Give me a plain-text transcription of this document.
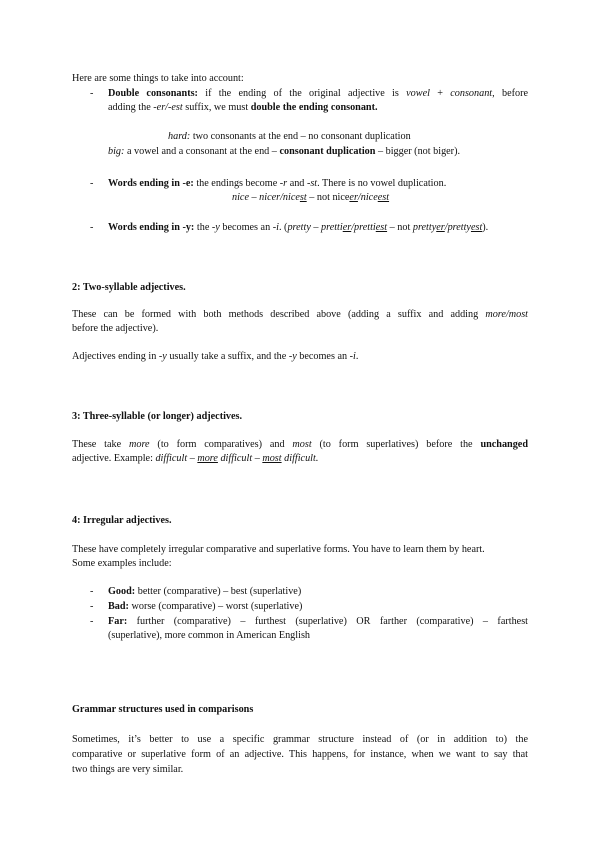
Here are some things to take into account:
- Double consonants: if the ending of the original adjective is vowel + consonant, before
adding the -er/-est suffix, we must double the ending consonant.
hard: two consonants at the end – no consonant duplication
big: a vowel and a consonant at the end – consonant duplication – bigger (not biger).
- Words ending in -e: the endings become -r and -st. There is no vowel duplication.
nice – nicer/nicest – not niceer/niceest
- Words ending in -y: the -y becomes an -i. (pretty – prettier/prettiest – not prettyer/prettyest).
2: Two-syllable adjectives.
These can be formed with both methods described above (adding a suffix and adding more/most
before the adjective).
Adjectives ending in -y usually take a suffix, and the -y becomes an -i.
3: Three-syllable (or longer) adjectives.
These take more (to form comparatives) and most (to form superlatives) before the unchanged
adjective. Example: difficult – more difficult – most difficult.
4: Irregular adjectives.
These have completely irregular comparative and superlative forms. You have to learn them by heart.
Some examples include:
- Good: better (comparative) – best (superlative)
- Bad: worse (comparative) – worst (superlative)
- Far: further (comparative) – furthest (superlative) OR farther (comparative) – farthest
(superlative), more common in American English
Grammar structures used in comparisons
Sometimes, it’s better to use a specific grammar structure instead of (or in addition to) the
comparative or superlative form of an adjective. This happens, for instance, when we want to say that
two things are very similar.
